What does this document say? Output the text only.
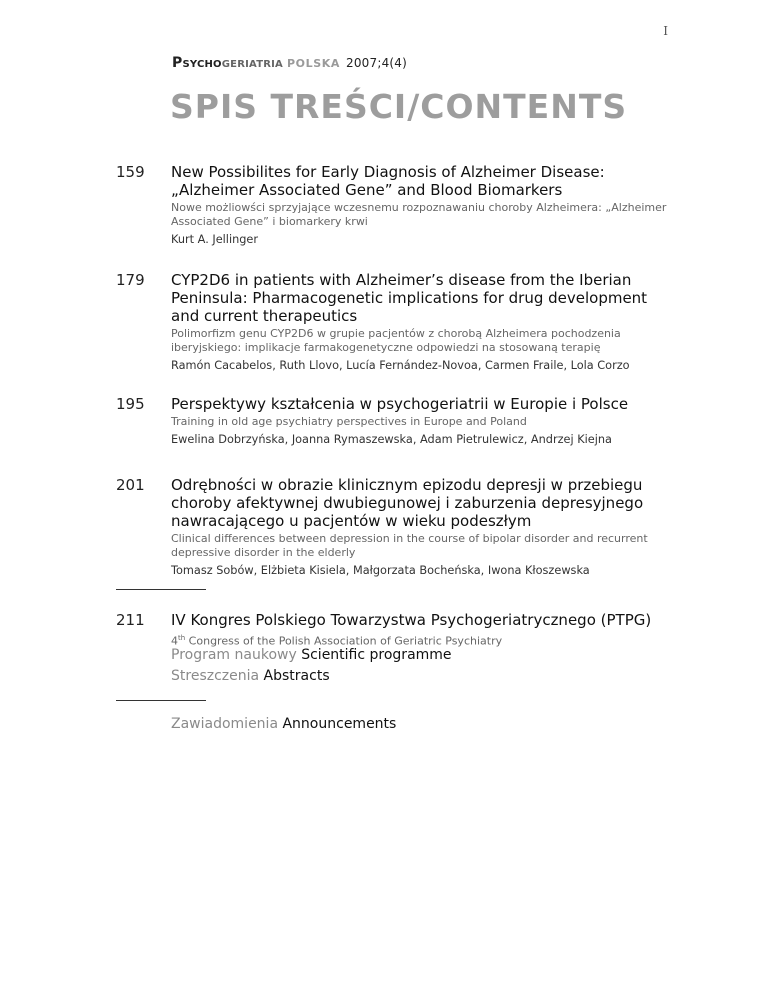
I
Psychogeriatria POLSKA 2007;4(4)
SPIS TREŚCI/CONTENTS
159 New Possibilites for Early Diagnosis of Alzheimer Disease: „Alzheimer Associated Gene” and Blood Biomarkers
Nowe możliowści sprzyjające wczesnemu rozpoznawaniu choroby Alzheimera: „Alzheimer Associated Gene” i biomarkery krwi
Kurt A. Jellinger
179 CYP2D6 in patients with Alzheimer’s disease from the Iberian Peninsula: Pharmacogenetic implications for drug development and current therapeutics
Polimorfizm genu CYP2D6 w grupie pacjentów z chorobą Alzheimera pochodzenia iberyjskiego: implikacje farmakogenetyczne odpowiedzi na stosowaną terapię
Ramón Cacabelos, Ruth Llovo, Lucía Fernández-Novoa, Carmen Fraile, Lola Corzo
195 Perspektywy kształcenia w psychogeriatrii w Europie i Polsce
Training in old age psychiatry perspectives in Europe and Poland
Ewelina Dobrzyńska, Joanna Rymaszewska, Adam Pietrulewicz, Andrzej Kiejna
201 Odrębności w obrazie klinicznym epizodu depresji w przebiegu choroby afektywnej dwubiegunowej i zaburzenia depresyjnego nawracającego u pacjentów w wieku podeszłym
Clinical differences between depression in the course of bipolar disorder and recurrent depressive disorder in the elderly
Tomasz Sobów, Elżbieta Kisiela, Małgorzata Bocheńska, Iwona Kłoszewska
211 IV Kongres Polskiego Towarzystwa Psychogeriatrycznego (PTPG)
4th Congress of the Polish Association of Geriatric Psychiatry
Program naukowy Scientific programme
Streszczenia Abstracts
Zawiadomienia Announcements
